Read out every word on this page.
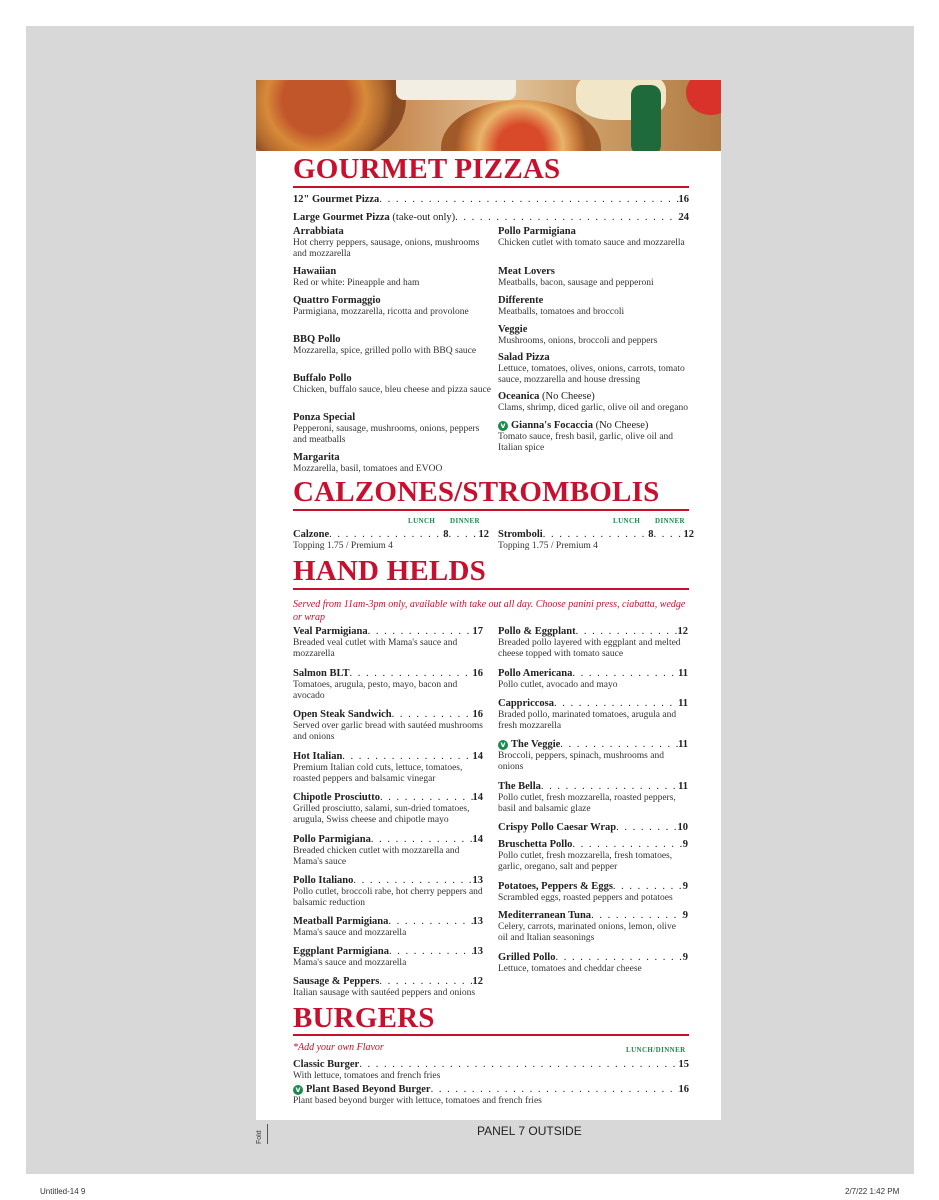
GOURMET PIZZAS
12" Gourmet Pizza . . .	16
Large Gourmet Pizza
(take-out only) . . .	24
Arrabbiata
Hot cherry peppers, sausage, onions, mushrooms and mozzarella
Hawaiian
Red or white: Pineapple and ham
Quattro Formaggio
Parmigiana, mozzarella, ricotta and provolone
BBQ Pollo
Mozzarella, spice, grilled pollo with BBQ sauce
Buffalo Pollo
Chicken, buffalo sauce, bleu cheese and pizza sauce
Ponza Special
Pepperoni, sausage, mushrooms, onions, peppers and meatballs
Margarita
Mozzarella, basil, tomatoes and EVOO
Pollo Parmigiana
Chicken cutlet with tomato sauce and mozzarella
Meat Lovers
Meatballs, bacon, sausage and pepperoni
Differente
Meatballs, tomatoes and broccoli
Veggie
Mushrooms, onions, broccoli and peppers
Salad Pizza
Lettuce, tomatoes, olives, onions, carrots, tomato sauce, mozzarella and house dressing
Oceanica (No Cheese)
Clams, shrimp, diced garlic, olive oil and oregano
v Gianna's Focaccia (No Cheese)
Tomato sauce, fresh basil, garlic, olive oil and Italian spice
CALZONES/STROMBOLIS
LUNCH DINNER	LUNCH DINNER
Calzone . . .	8 . . .	12
Topping 1.75 / Premium 4
Stromboli . . .	8 . . .	12
Topping 1.75 / Premium 4
HAND HELDS
Served from 11am-3pm only, available with take out all day. Choose panini press, ciabatta, wedge or wrap
Veal Parmigiana . . .	17
Breaded veal cutlet with Mama's sauce and mozzarella
Salmon BLT . . .	16
Tomatoes, arugula, pesto, mayo, bacon and avocado
Open Steak Sandwich . . .	16
Served over garlic bread with sautéed mushrooms and onions
Hot Italian . . .	14
Premium Italian cold cuts, lettuce, tomatoes, roasted peppers and balsamic vinegar
Chipotle Prosciutto . . .	14
Grilled prosciutto, salami, sun-dried tomatoes, arugula, Swiss cheese and chipotle mayo
Pollo Parmigiana . . .	14
Breaded chicken cutlet with mozzarella and Mama's sauce
Pollo Italiano . . .	13
Pollo cutlet, broccoli rabe, hot cherry peppers and balsamic reduction
Meatball Parmigiana . . .	13
Mama's sauce and mozzarella
Eggplant Parmigiana . . .	13
Mama's sauce and mozzarella
Sausage & Peppers . . .	12
Italian sausage with sautéed peppers and onions
Pollo & Eggplant . . .	12
Breaded pollo layered with eggplant and melted cheese topped with tomato sauce
Pollo Americana . . .	11
Pollo cutlet, avocado and mayo
Cappriccosa . . .	11
Braded pollo, marinated tomatoes, arugula and fresh mozzarella
v The Veggie . . .	11
Broccoli, peppers, spinach, mushrooms and onions
The Bella . . .	11
Pollo cutlet, fresh mozzarella, roasted peppers, basil and balsamic glaze
Crispy Pollo Caesar Wrap . . .	10
Bruschetta Pollo . . .	9
Pollo cutlet, fresh mozzarella, fresh tomatoes, garlic, oregano, salt and pepper
Potatoes, Peppers & Eggs . . .	9
Scrambled eggs, roasted peppers and potatoes
Mediterranean Tuna . . .	9
Celery, carrots, marinated onions, lemon, olive oil and Italian seasonings
Grilled Pollo . . .	9
Lettuce, tomatoes and cheddar cheese
BURGERS
*Add your own Flavor	LUNCH/DINNER
Classic Burger . . .	15
With lettuce, tomatoes and french fries
v Plant Based Beyond Burger . . .	16
Plant based beyond burger with lettuce, tomatoes and french fries
Fold	PANEL 7 OUTSIDE
Untitled-14 9	2/7/22 1:42 PM
